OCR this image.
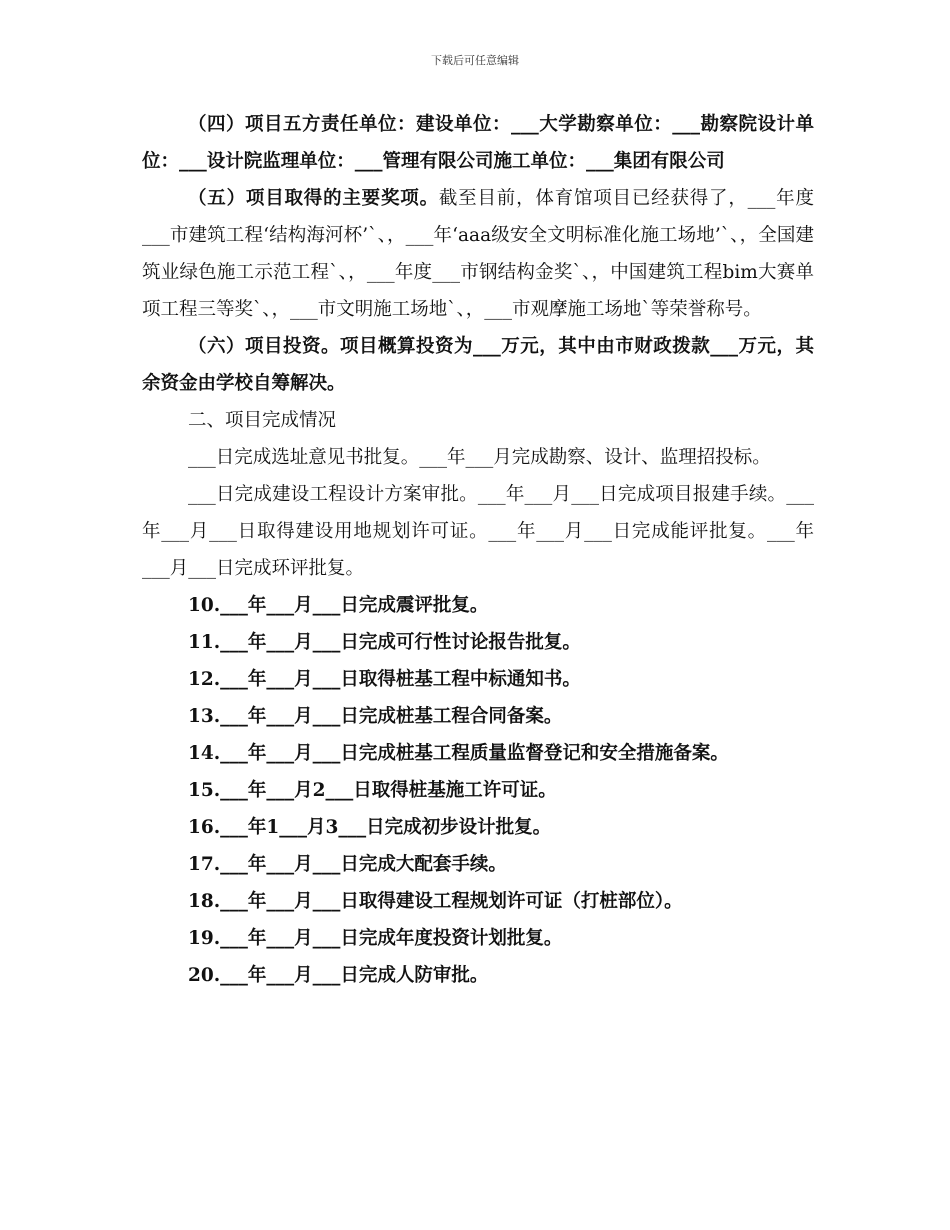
下载后可任意编辑

（四）项目五方责任单位：建设单位：___大学勘察单位：___勘察院设计单位：___设计院监理单位：___管理有限公司施工单位：___集团有限公司

（五）项目取得的主要奖项。截至目前，体育馆项目已经获得了，___年度___市建筑工程‘结构海河杯’`、，___年‘aaa级安全文明标准化施工场地’`、，全国建筑业绿色施工示范工程`、，___年度___市钢结构金奖`、，中国建筑工程bim大赛单项工程三等奖`、，___市文明施工场地`、，___市观摩施工场地`等荣誉称号。

（六）项目投资。项目概算投资为___万元，其中由市财政拨款___万元，其余资金由学校自筹解决。

二、项目完成情况

___日完成选址意见书批复。___年___月完成勘察、设计、监理招投标。

___日完成建设工程设计方案审批。___年___月___日完成项目报建手续。___年___月___日取得建设用地规划许可证。___年___月___日完成能评批复。___年___月___日完成环评批复。

10.___年___月___日完成震评批复。

11.___年___月___日完成可行性讨论报告批复。

12.___年___月___日取得桩基工程中标通知书。

13.___年___月___日完成桩基工程合同备案。

14.___年___月___日完成桩基工程质量监督登记和安全措施备案。

15.___年___月2___日取得桩基施工许可证。

16.___年1___月3___日完成初步设计批复。

17.___年___月___日完成大配套手续。

18.___年___月___日取得建设工程规划许可证（打桩部位）。

19.___年___月___日完成年度投资计划批复。

20.___年___月___日完成人防审批。
